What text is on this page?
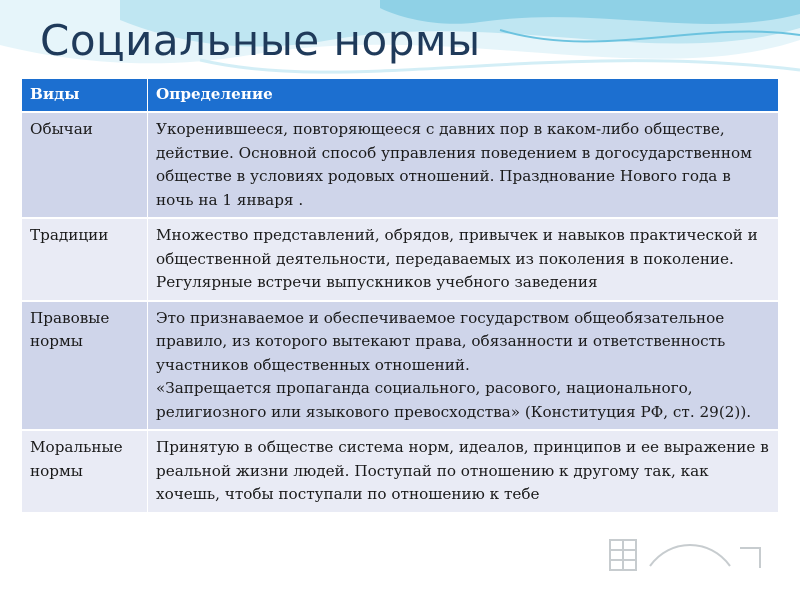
Социальные нормы
Виды	Определение
Обычаи	Укоренившееся, повторяющееся с давних пор в каком-либо обществе, действие. Основной способ управления поведением в догосударственном обществе в условиях родовых отношений. Празднование Нового года в ночь на 1 января .
Традиции	Множество представлений, обрядов, привычек и навыков практической и общественной деятельности, передаваемых из поколения в поколение. Регулярные встречи выпускников учебного заведения
Правовые нормы	Это признаваемое и обеспечиваемое государством общеобязательное правило, из которого вытекают права, обязанности и ответственность участников общественных отношений.
«Запрещается пропаганда социального, расового, национального, религиозного или языкового превосходства» (Конституция РФ, ст. 29(2)).

Моральные нормы	Принятую в обществе система норм, идеалов, принципов и ее выражение в реальной жизни людей. Поступай по отношению к другому так, как хочешь, чтобы поступали по отношению к тебе
